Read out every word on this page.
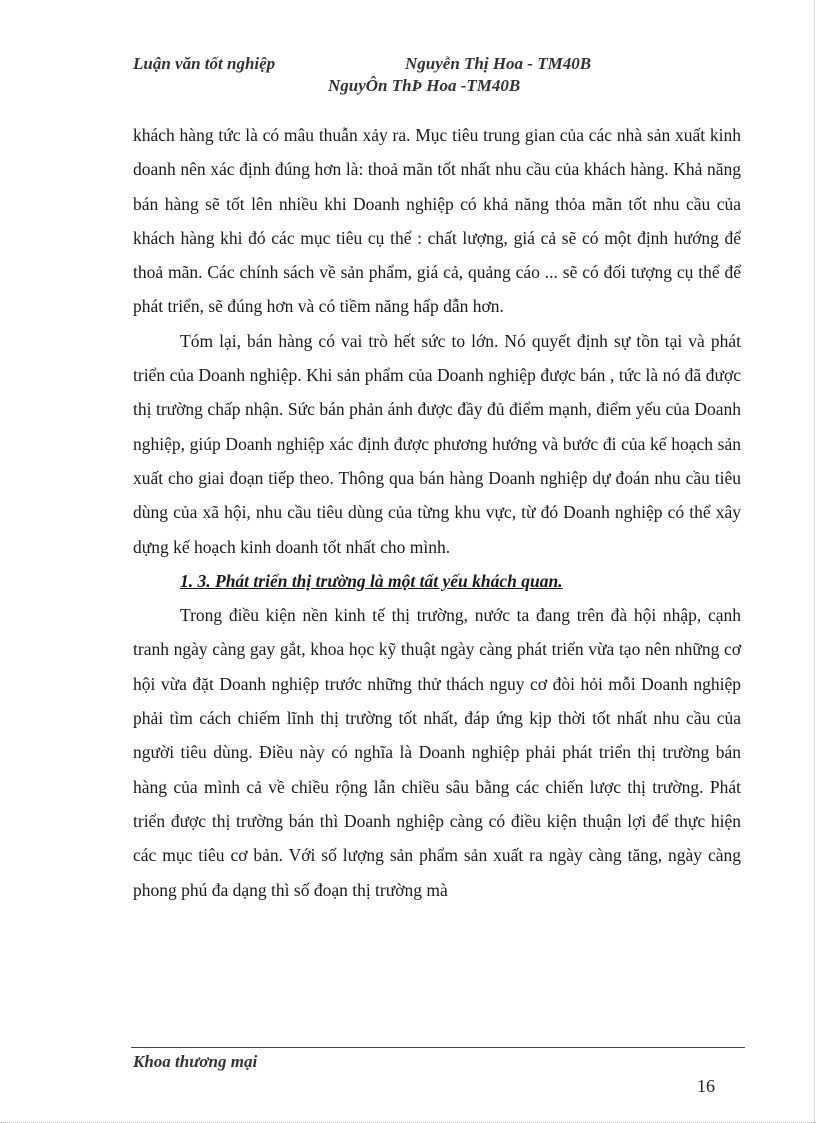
Luận văn tốt nghiệp	Nguyễn Thị Hoa - TM40B
NguyÔn ThÞ Hoa -TM40B

khách hàng tức là có mâu thuẫn xảy ra. Mục tiêu trung gian của các nhà sản xuất kinh doanh nên xác định đúng hơn là: thoả mãn tốt nhất nhu cầu của khách hàng. Khả năng bán hàng sẽ tốt lên nhiều khi Doanh nghiệp có khả năng thỏa mãn tốt nhu cầu của khách hàng khi đó các mục tiêu cụ thể : chất lượng, giá cả sẽ có một định hướng để thoả mãn. Các chính sách về sản phẩm, giá cả, quảng cáo ... sẽ có đối tượng cụ thể để phát triển, sẽ đúng hơn và có tiềm năng hấp dẫn hơn.

Tóm lại, bán hàng có vai trò hết sức to lớn. Nó quyết định sự tồn tại và phát triển của Doanh nghiệp. Khi sản phẩm của Doanh nghiệp được bán , tức là nó đã được thị trường chấp nhận. Sức bán phản ánh được đầy đủ điểm mạnh, điểm yếu của Doanh nghiệp, giúp Doanh nghiệp xác định được phương hướng và bước đi của kế hoạch sản xuất cho giai đoạn tiếp theo. Thông qua bán hàng Doanh nghiệp dự đoán nhu cầu tiêu dùng của xã hội, nhu cầu tiêu dùng của từng khu vực, từ đó Doanh nghiệp có thể xây dựng kế hoạch kinh doanh tốt nhất cho mình.

1. 3. Phát triển thị trường là một tất yếu khách quan.

Trong điều kiện nền kinh tế thị trường, nước ta đang trên đà hội nhập, cạnh tranh ngày càng gay gắt, khoa học kỹ thuật ngày càng phát triển vừa tạo nên những cơ hội vừa đặt Doanh nghiệp trước những thử thách nguy cơ đòi hỏi mỗi Doanh nghiệp phải tìm cách chiếm lĩnh thị trường tốt nhất, đáp ứng kịp thời tốt nhất nhu cầu của người tiêu dùng. Điều này có nghĩa là Doanh nghiệp phải phát triển thị trường bán hàng của mình cả về chiều rộng lẫn chiều sâu bằng các chiến lược thị trường. Phát triển được thị trường bán thì Doanh nghiệp càng có điều kiện thuận lợi để thực hiện các mục tiêu cơ bản. Với số lượng sản phẩm sản xuất ra ngày càng tăng, ngày càng phong phú đa dạng thì số đoạn thị trường mà

Khoa thương mại
16
